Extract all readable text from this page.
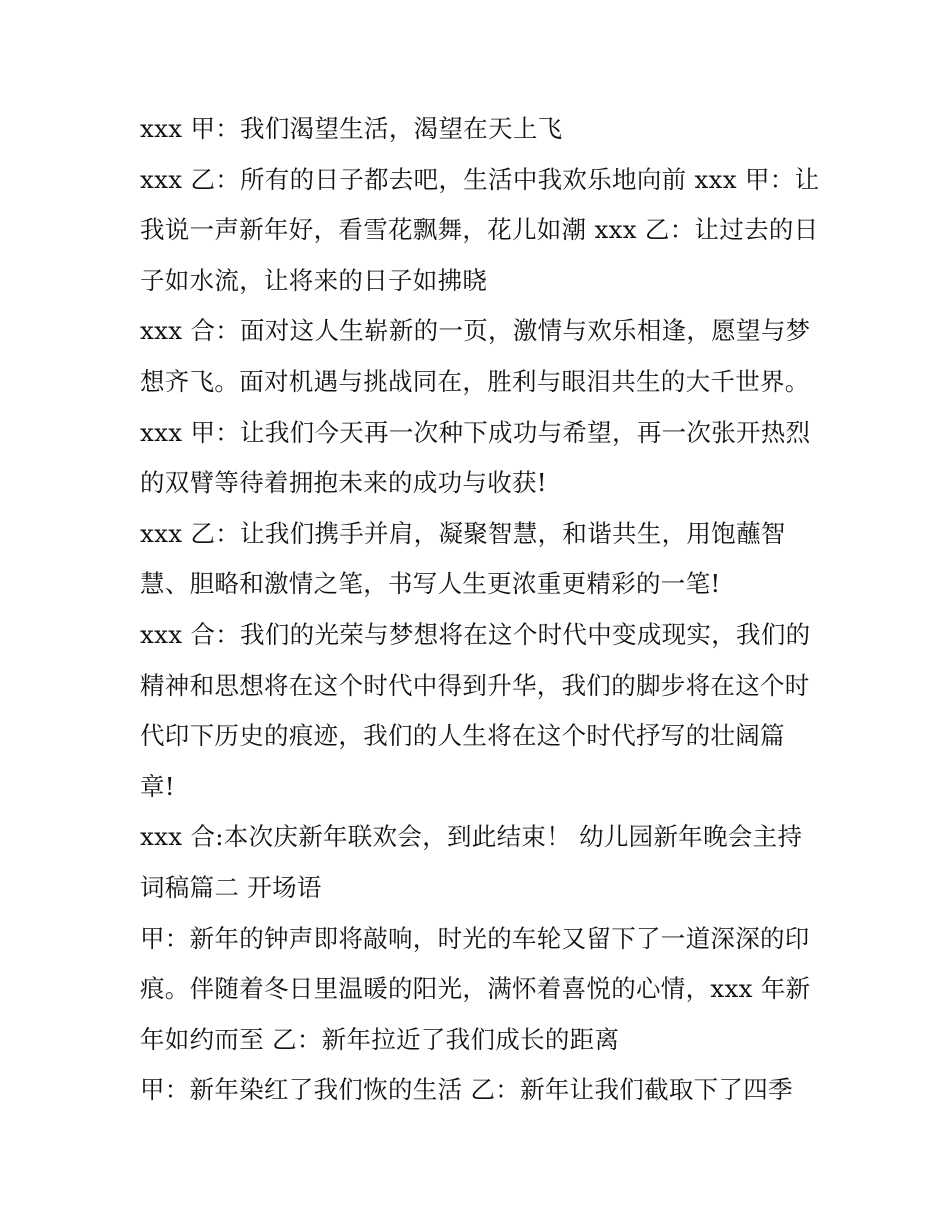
xxx 甲：我们渴望生活，渴望在天上飞
xxx 乙：所有的日子都去吧，生活中我欢乐地向前 xxx 甲：让
我说一声新年好，看雪花飘舞，花儿如潮 xxx 乙：让过去的日
子如水流，让将来的日子如拂晓
xxx 合：面对这人生崭新的一页，激情与欢乐相逢，愿望与梦
想齐飞。面对机遇与挑战同在，胜利与眼泪共生的大千世界。
xxx 甲：让我们今天再一次种下成功与希望，再一次张开热烈
的双臂等待着拥抱未来的成功与收获!
xxx 乙：让我们携手并肩，凝聚智慧，和谐共生，用饱蘸智
慧、胆略和激情之笔，书写人生更浓重更精彩的一笔!
xxx 合：我们的光荣与梦想将在这个时代中变成现实，我们的
精神和思想将在这个时代中得到升华，我们的脚步将在这个时
代印下历史的痕迹，我们的人生将在这个时代抒写的壮阔篇
章!
xxx 合:本次庆新年联欢会，到此结束！ 幼儿园新年晚会主持
词稿篇二 开场语
甲：新年的钟声即将敲响，时光的车轮又留下了一道深深的印
痕。伴随着冬日里温暖的阳光，满怀着喜悦的心情，xxx 年新
年如约而至 乙：新年拉近了我们成长的距离
甲：新年染红了我们恢的生活 乙：新年让我们截取下了四季
